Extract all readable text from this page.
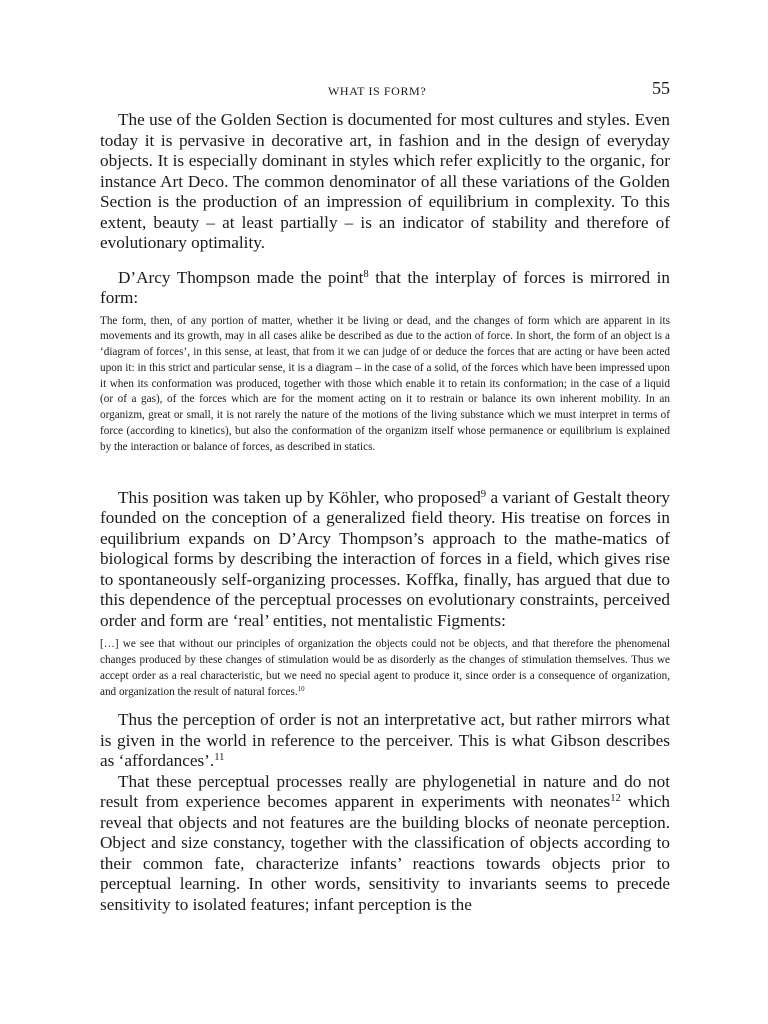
WHAT IS FORM?	55

The use of the Golden Section is documented for most cultures and styles. Even today it is pervasive in decorative art, in fashion and in the design of everyday objects. It is especially dominant in styles which refer explicitly to the organic, for instance Art Deco. The common denominator of all these variations of the Golden Section is the production of an impression of equilibrium in complexity. To this extent, beauty – at least partially – is an indicator of stability and therefore of evolutionary optimality.

D’Arcy Thompson made the point$^8$ that the interplay of forces is mirrored in form:

The form, then, of any portion of matter, whether it be living or dead, and the changes of form which are apparent in its movements and its growth, may in all cases alike be described as due to the action of force. In short, the form of an object is a ‘diagram of forces’, in this sense, at least, that from it we can judge of or deduce the forces that are acting or have been acted upon it: in this strict and particular sense, it is a diagram – in the case of a solid, of the forces which have been impressed upon it when its conformation was produced, together with those which enable it to retain its conformation; in the case of a liquid (or of a gas), of the forces which are for the moment acting on it to restrain or balance its own inherent mobility. In an organizm, great or small, it is not rarely the nature of the motions of the living substance which we must interpret in terms of force (according to kinetics), but also the conformation of the organizm itself whose permanence or equilibrium is explained by the interaction or balance of forces, as described in statics.

This position was taken up by Köhler, who proposed$^9$ a variant of Gestalt theory founded on the conception of a generalized field theory. His treatise on forces in equilibrium expands on D’Arcy Thompson’s approach to the mathe-matics of biological forms by describing the interaction of forces in a field, which gives rise to spontaneously self-organizing processes. Koffka, finally, has argued that due to this dependence of the perceptual processes on evolutionary constraints, perceived order and form are ‘real’ entities, not mentalistic Figments:

[…] we see that without our principles of organization the objects could not be objects, and that therefore the phenomenal changes produced by these changes of stimulation would be as disorderly as the changes of stimulation themselves. Thus we accept order as a real characteristic, but we need no special agent to produce it, since order is a consequence of organization, and organization the result of natural forces.$^{10}$

Thus the perception of order is not an interpretative act, but rather mirrors what is given in the world in reference to the perceiver. This is what Gibson describes as ‘affordances’.$^{11}$

That these perceptual processes really are phylogenetial in nature and do not result from experience becomes apparent in experiments with neonates$^{12}$ which reveal that objects and not features are the building blocks of neonate perception. Object and size constancy, together with the classification of objects according to their common fate, characterize infants’ reactions towards objects prior to perceptual learning. In other words, sensitivity to invariants seems to precede sensitivity to isolated features; infant perception is the
